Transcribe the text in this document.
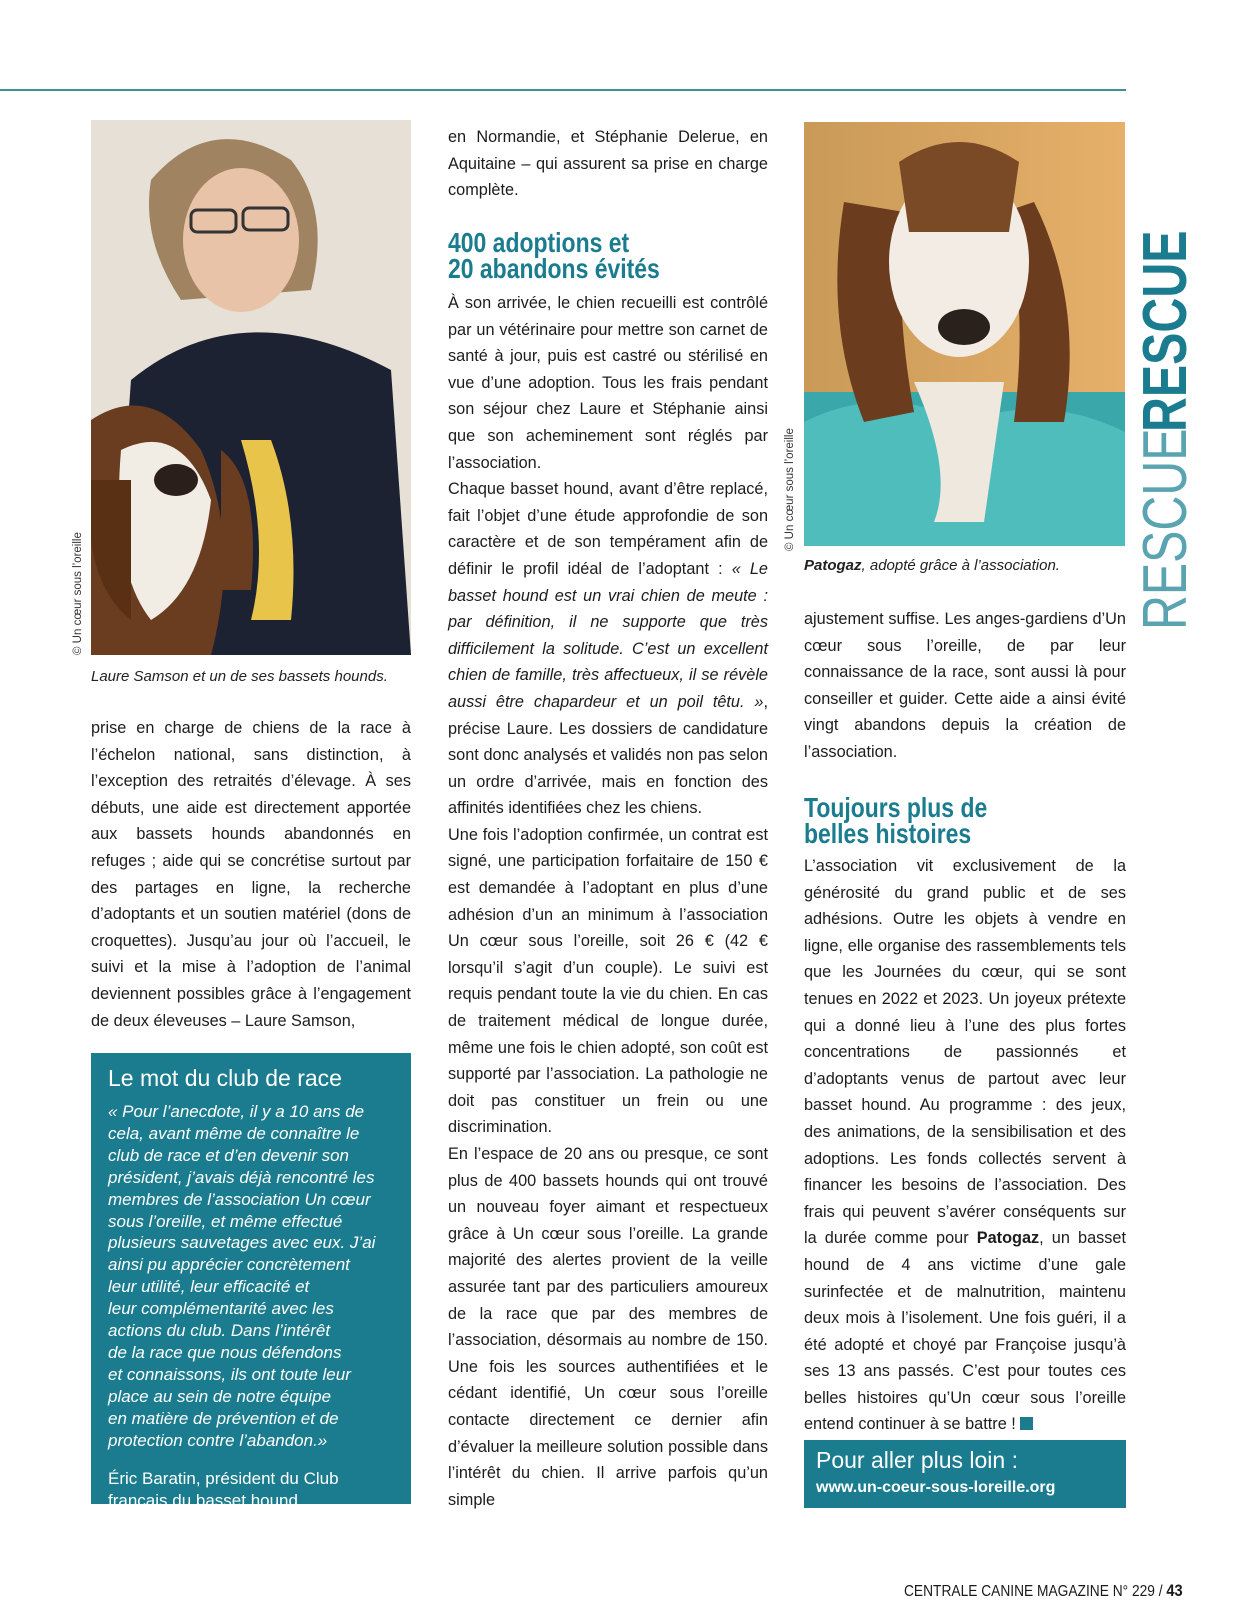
© Un cœur sous l’oreille
Laure Samson et un de ses bassets hounds.

prise en charge de chiens de la race à l’échelon national, sans distinction, à l’exception des retraités d’élevage. À ses débuts, une aide est directement apportée aux bassets hounds abandonnés en refuges ; aide qui se concrétise surtout par des partages en ligne, la recherche d’adoptants et un soutien matériel (dons de croquettes). Jusqu’au jour où l’accueil, le suivi et la mise à l’adoption de l’animal deviennent possibles grâce à l’engagement de deux éleveuses – Laure Samson,

Le mot du club de race
« Pour l’anecdote, il y a 10 ans de
cela, avant même de connaître le
club de race et d’en devenir son
président, j’avais déjà rencontré les
membres de l’association Un cœur
sous l’oreille, et même effectué
plusieurs sauvetages avec eux. J’ai
ainsi pu apprécier concrètement
leur utilité, leur efficacité et
leur complémentarité avec les
actions du club. Dans l’intérêt
de la race que nous défendons
et connaissons, ils ont toute leur
place au sein de notre équipe
en matière de prévention et de
protection contre l’abandon.»
Éric Baratin, président du Club
français du basset hound

en Normandie, et Stéphanie Delerue, en Aquitaine – qui assurent sa prise en charge complète.

400 adoptions et
20 abandons évités

À son arrivée, le chien recueilli est contrôlé par un vétérinaire pour mettre son carnet de santé à jour, puis est castré ou stérilisé en vue d’une adoption. Tous les frais pendant son séjour chez Laure et Stéphanie ainsi que son acheminement sont réglés par l’association.

Chaque basset hound, avant d’être replacé, fait l’objet d’une étude approfondie de son caractère et de son tempérament afin de définir le profil idéal de l’adoptant : « Le basset hound est un vrai chien de meute : par définition, il ne supporte que très difficilement la solitude. C’est un excellent chien de famille, très affectueux, il se révèle aussi être chapardeur et un poil têtu. », précise Laure. Les dossiers de candidature sont donc analysés et validés non pas selon un ordre d’arrivée, mais en fonction des affinités identifiées chez les chiens.

Une fois l’adoption confirmée, un contrat est signé, une participation forfaitaire de 150 € est demandée à l’adoptant en plus d’une adhésion d’un an minimum à l’association Un cœur sous l’oreille, soit 26 € (42 € lorsqu’il s’agit d’un couple). Le suivi est requis pendant toute la vie du chien. En cas de traitement médical de longue durée, même une fois le chien adopté, son coût est supporté par l’association. La pathologie ne doit pas constituer un frein ou une discrimination.

En l’espace de 20 ans ou presque, ce sont plus de 400 bassets hounds qui ont trouvé un nouveau foyer aimant et respectueux grâce à Un cœur sous l’oreille. La grande majorité des alertes provient de la veille assurée tant par des particuliers amoureux de la race que par des membres de l’association, désormais au nombre de 150. Une fois les sources authentifiées et le cédant identifié, Un cœur sous l’oreille contacte directement ce dernier afin d’évaluer la meilleure solution possible dans l’intérêt du chien. Il arrive parfois qu’un simple

© Un cœur sous l’oreille
Patogaz, adopté grâce à l’association.

ajustement suffise. Les anges-gardiens d’Un cœur sous l’oreille, de par leur connaissance de la race, sont aussi là pour conseiller et guider. Cette aide a ainsi évité vingt abandons depuis la création de l’association.

Toujours plus de
belles histoires

L’association vit exclusivement de la générosité du grand public et de ses adhésions. Outre les objets à vendre en ligne, elle organise des rassemblements tels que les Journées du cœur, qui se sont tenues en 2022 et 2023. Un joyeux prétexte qui a donné lieu à l’une des plus fortes concentrations de passionnés et d’adoptants venus de partout avec leur basset hound. Au programme : des jeux, des animations, de la sensibilisation et des adoptions. Les fonds collectés servent à financer les besoins de l’association. Des frais qui peuvent s’avérer conséquents sur la durée comme pour Patogaz, un basset hound de 4 ans victime d’une gale surinfectée et de malnutrition, maintenu deux mois à l’isolement. Une fois guéri, il a été adopté et choyé par Françoise jusqu’à ses 13 ans passés. C’est pour toutes ces belles histoires qu’Un cœur sous l’oreille entend continuer à se battre !

Pour aller plus loin :
www.un-coeur-sous-loreille.org
RESCUERESCUE
CENTRALE CANINE MAGAZINE N° 229 / 43
